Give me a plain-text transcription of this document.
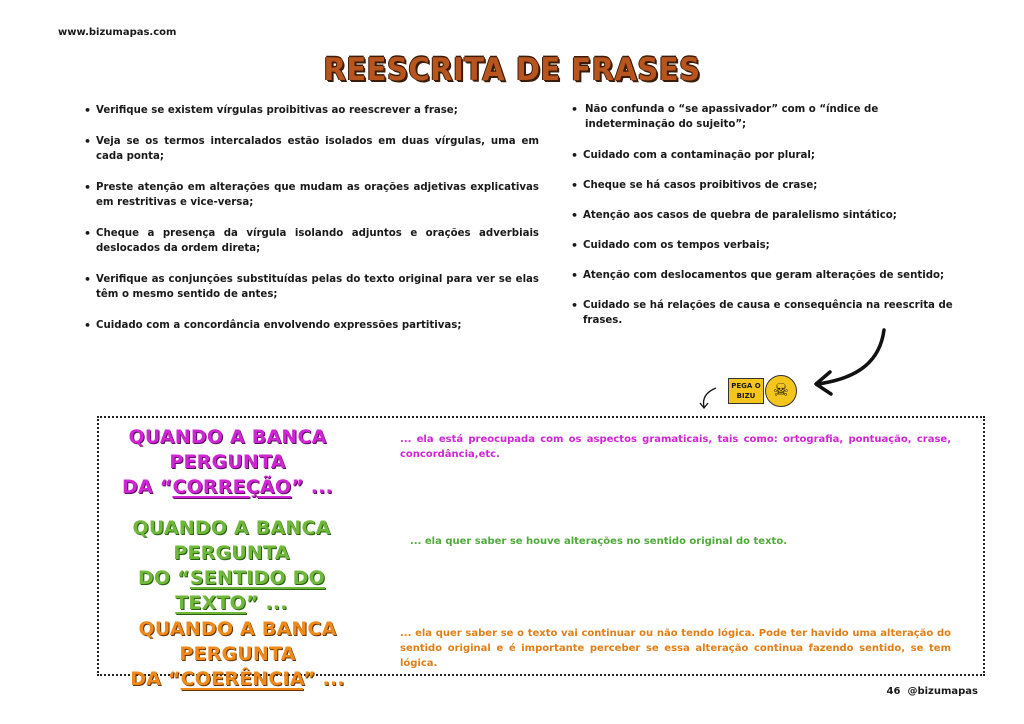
www.bizumapas.com
REESCRITA DE FRASES
• Verifique se existem vírgulas proibitivas ao reescrever a frase;
• Veja se os termos intercalados estão isolados em duas vírgulas, uma em cada ponta;
• Preste atenção em alterações que mudam as orações adjetivas explicativas em restritivas e vice-versa;
• Cheque a presença da vírgula isolando adjuntos e orações adverbiais deslocados da ordem direta;
• Verifique as conjunções substituídas pelas do texto original para ver se elas têm o mesmo sentido de antes;
• Cuidado com a concordância envolvendo expressões partitivas;
• Não confunda o “se apassivador” com o “índice de indeterminação do sujeito”;
• Cuidado com a contaminação por plural;
• Cheque se há casos proibitivos de crase;
• Atenção aos casos de quebra de paralelismo sintático;
• Cuidado com os tempos verbais;
• Atenção com deslocamentos que geram alterações de sentido;
• Cuidado se há relações de causa e consequência na reescrita de frases.
PEGA O
BIZU ☠
QUANDO A BANCA PERGUNTA
DA “CORREÇÃO” ...
... ela está preocupada com os aspectos gramaticais, tais como: ortografia, pontuação, crase, concordância,etc.
QUANDO A BANCA PERGUNTA
DO “SENTIDO DO TEXTO” ...
... ela quer saber se houve alterações no sentido original do texto.
QUANDO A BANCA PERGUNTA
DA “COERÊNCIA” ...
... ela quer saber se o texto vai continuar ou não tendo lógica. Pode ter havido uma alteração do sentido original e é importante perceber se essa alteração continua fazendo sentido, se tem lógica.
46 @bizumapas
